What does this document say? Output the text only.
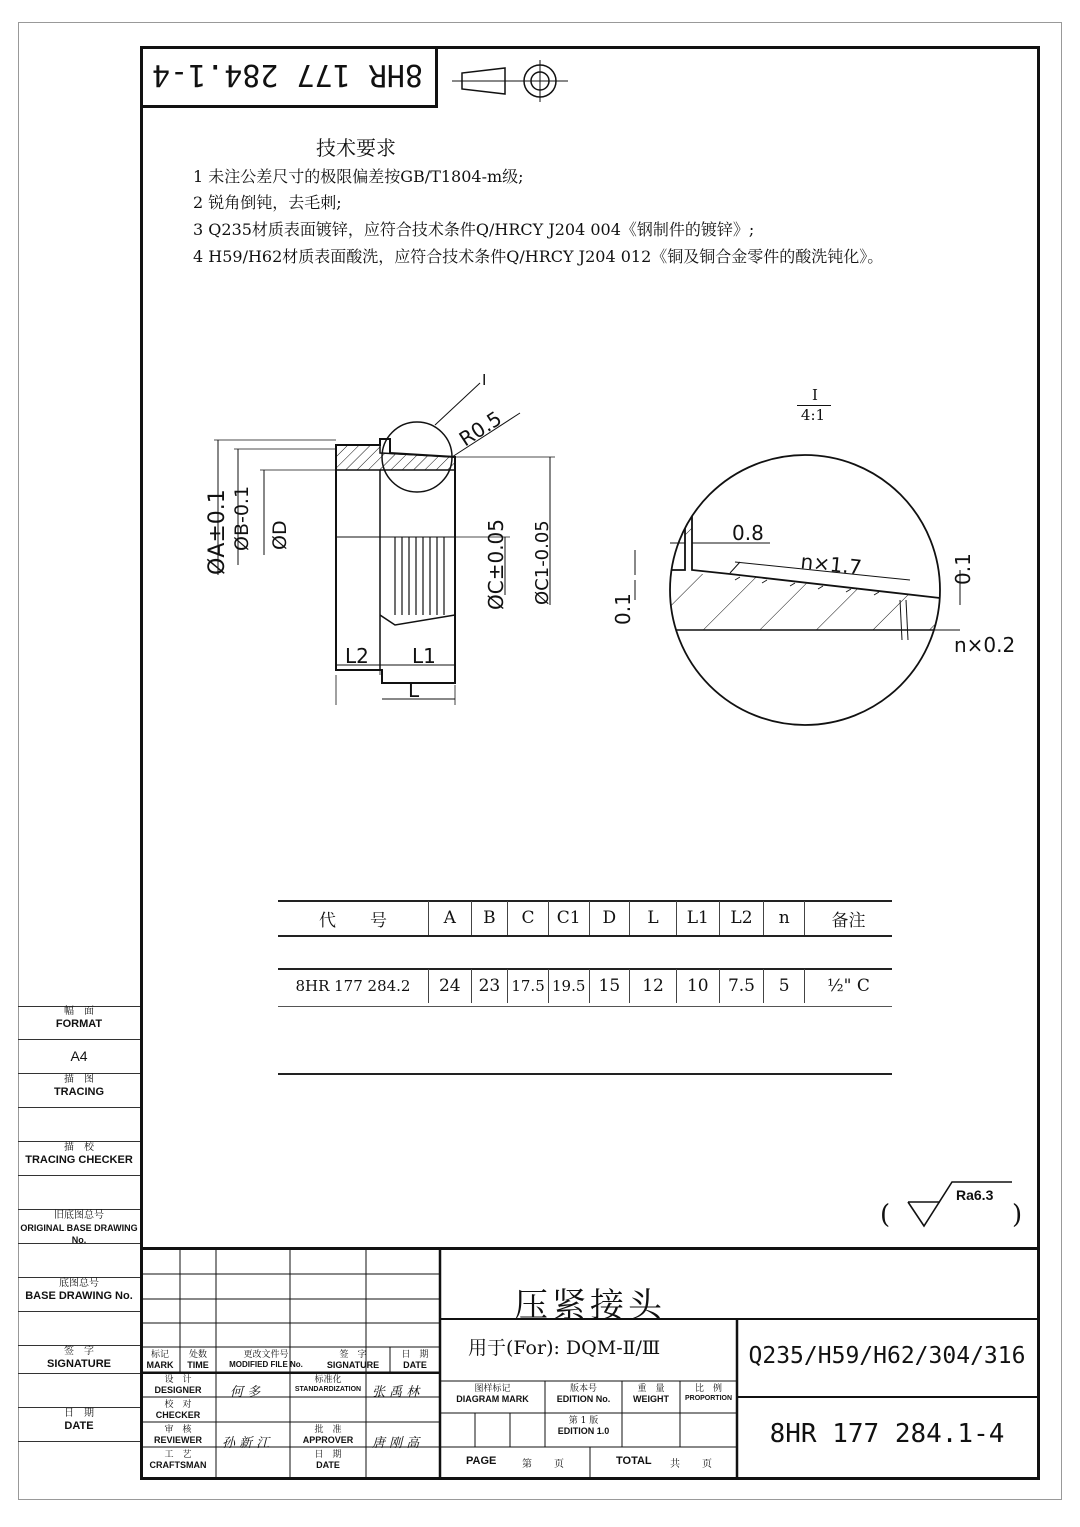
8HR 177 284.1-4
技术要求
1 未注公差尺寸的极限偏差按GB/T1804-m级;
2 锐角倒钝，去毛刺;
3 Q235材质表面镀锌，应符合技术条件Q/HRCY J204 004《钢制件的镀锌》;
4 H59/H62材质表面酸洗，应符合技术条件Q/HRCY J204 012《铜及铜合金零件的酸洗钝化》。
ØA±0.1 ØB-0.1 ØD	ØC±0.05 ØC1-0.05
R0.5
I
L2 L1
L
I
4:1
0.8
n×1.7
0.1
0.1
n×0.2
代　　号	A	B	C	C1	D	L	L1	L2	n	备注

8HR 177 284.2	24	23	17.5	19.5	15	12	10	7.5	5	½" C
(	)
Ra6.3
幅　面
FORMAT
A4
描　图
TRACING
描　校
TRACING CHECKER
旧底图总号
ORIGINAL BASE DRAWING No.
底图总号
BASE DRAWING No.
签　字
SIGNATURE
日　期
DATE
压紧接头
用于(For): DQM-Ⅱ/Ⅲ	Q235/H59/H62/304/316
8HR 177 284.1-4
标记
MARK
处数
TIME
更改文件号
MODIFIED FILE No.
签　字
SIGNATURE
日　期
DATE
设　计
DESIGNER
校　对
CHECKER
审　核
REVIEWER
工　艺
CRAFTSMAN
标准化
STANDARDIZATION
批　准
APPROVER
日　期
DATE
何 多	张 禹 林
孙 新 江	唐 刚 高
图样标记
DIAGRAM MARK
版本号
EDITION No.
重　量
WEIGHT
比　例
PROPORTION
第 1 版
EDITION 1.0
PAGE	第 页	TOTAL 共 页
